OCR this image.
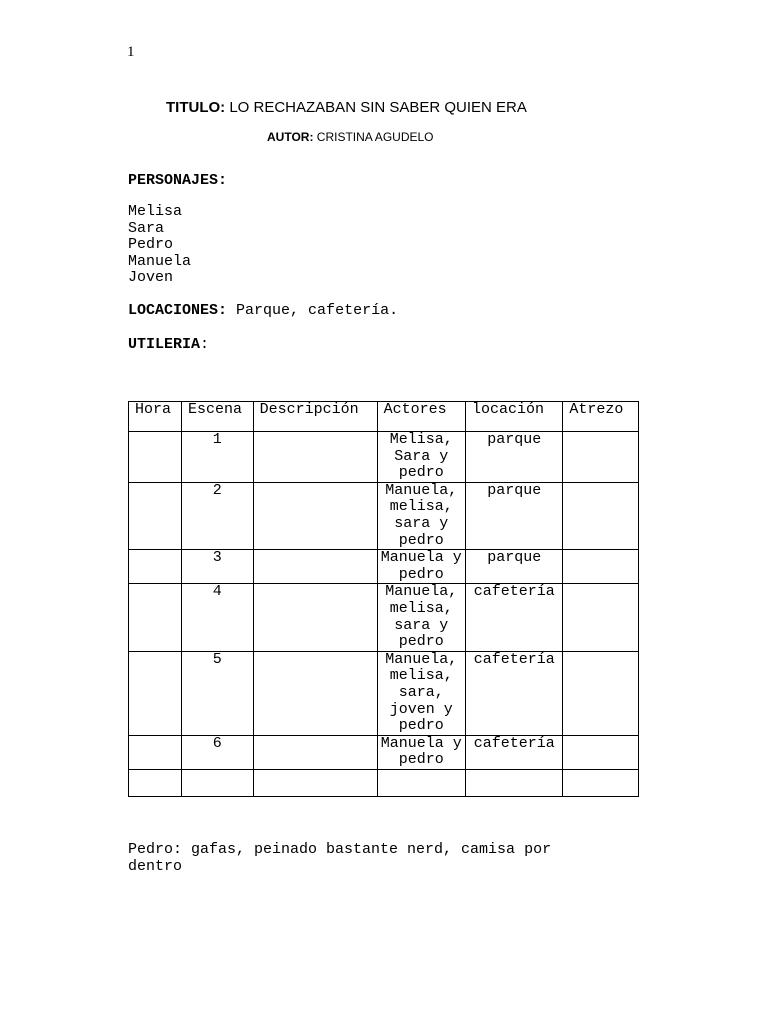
1
TITULO: LO RECHAZABAN SIN SABER QUIEN ERA
AUTOR: CRISTINA AGUDELO
PERSONAJES:
Melisa
Sara
Pedro
Manuela
Joven
LOCACIONES: Parque, cafetería.
UTILERIA:
Hora	Escena	Descripción	Actores	locación	Atrezo
	1		Melisa, Sara y pedro	parque	
	2		Manuela, melisa, sara y pedro	parque	
	3		Manuela y pedro	parque	
	4		Manuela, melisa, sara y pedro	cafetería	
	5		Manuela, melisa, sara, joven y pedro	cafetería	
	6		Manuela y pedro	cafetería	

Pedro: gafas, peinado bastante nerd, camisa por dentro
